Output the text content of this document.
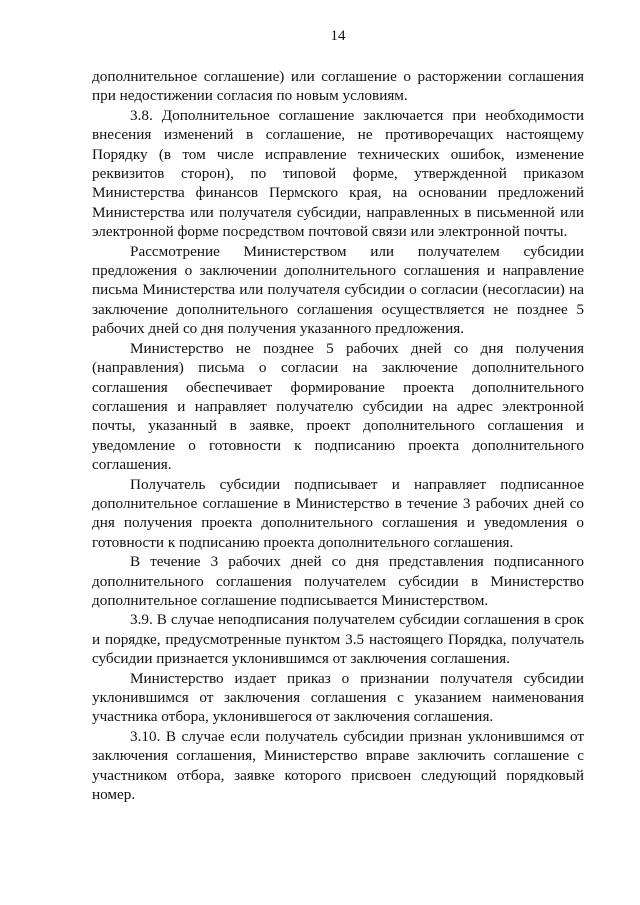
14

дополнительное соглашение) или соглашение о расторжении соглашения при недостижении согласия по новым условиям.

3.8. Дополнительное соглашение заключается при необходимости внесения изменений в соглашение, не противоречащих настоящему Порядку (в том числе исправление технических ошибок, изменение реквизитов сторон), по типовой форме, утвержденной приказом Министерства финансов Пермского края, на основании предложений Министерства или получателя субсидии, направленных в письменной или электронной форме посредством почтовой связи или электронной почты.

Рассмотрение Министерством или получателем субсидии предложения о заключении дополнительного соглашения и направление письма Министерства или получателя субсидии о согласии (несогласии) на заключение дополнительного соглашения осуществляется не позднее 5 рабочих дней со дня получения указанного предложения.

Министерство не позднее 5 рабочих дней со дня получения (направления) письма о согласии на заключение дополнительного соглашения обеспечивает формирование проекта дополнительного соглашения и направляет получателю субсидии на адрес электронной почты, указанный в заявке, проект дополнительного соглашения и уведомление о готовности к подписанию проекта дополнительного соглашения.

Получатель субсидии подписывает и направляет подписанное дополнительное соглашение в Министерство в течение 3 рабочих дней со дня получения проекта дополнительного соглашения и уведомления о готовности к подписанию проекта дополнительного соглашения.

В течение 3 рабочих дней со дня представления подписанного дополнительного соглашения получателем субсидии в Министерство дополнительное соглашение подписывается Министерством.

3.9. В случае неподписания получателем субсидии соглашения в срок и порядке, предусмотренные пунктом 3.5 настоящего Порядка, получатель субсидии признается уклонившимся от заключения соглашения.

Министерство издает приказ о признании получателя субсидии уклонившимся от заключения соглашения с указанием наименования участника отбора, уклонившегося от заключения соглашения.

3.10. В случае если получатель субсидии признан уклонившимся от заключения соглашения, Министерство вправе заключить соглашение с участником отбора, заявке которого присвоен следующий порядковый номер.
